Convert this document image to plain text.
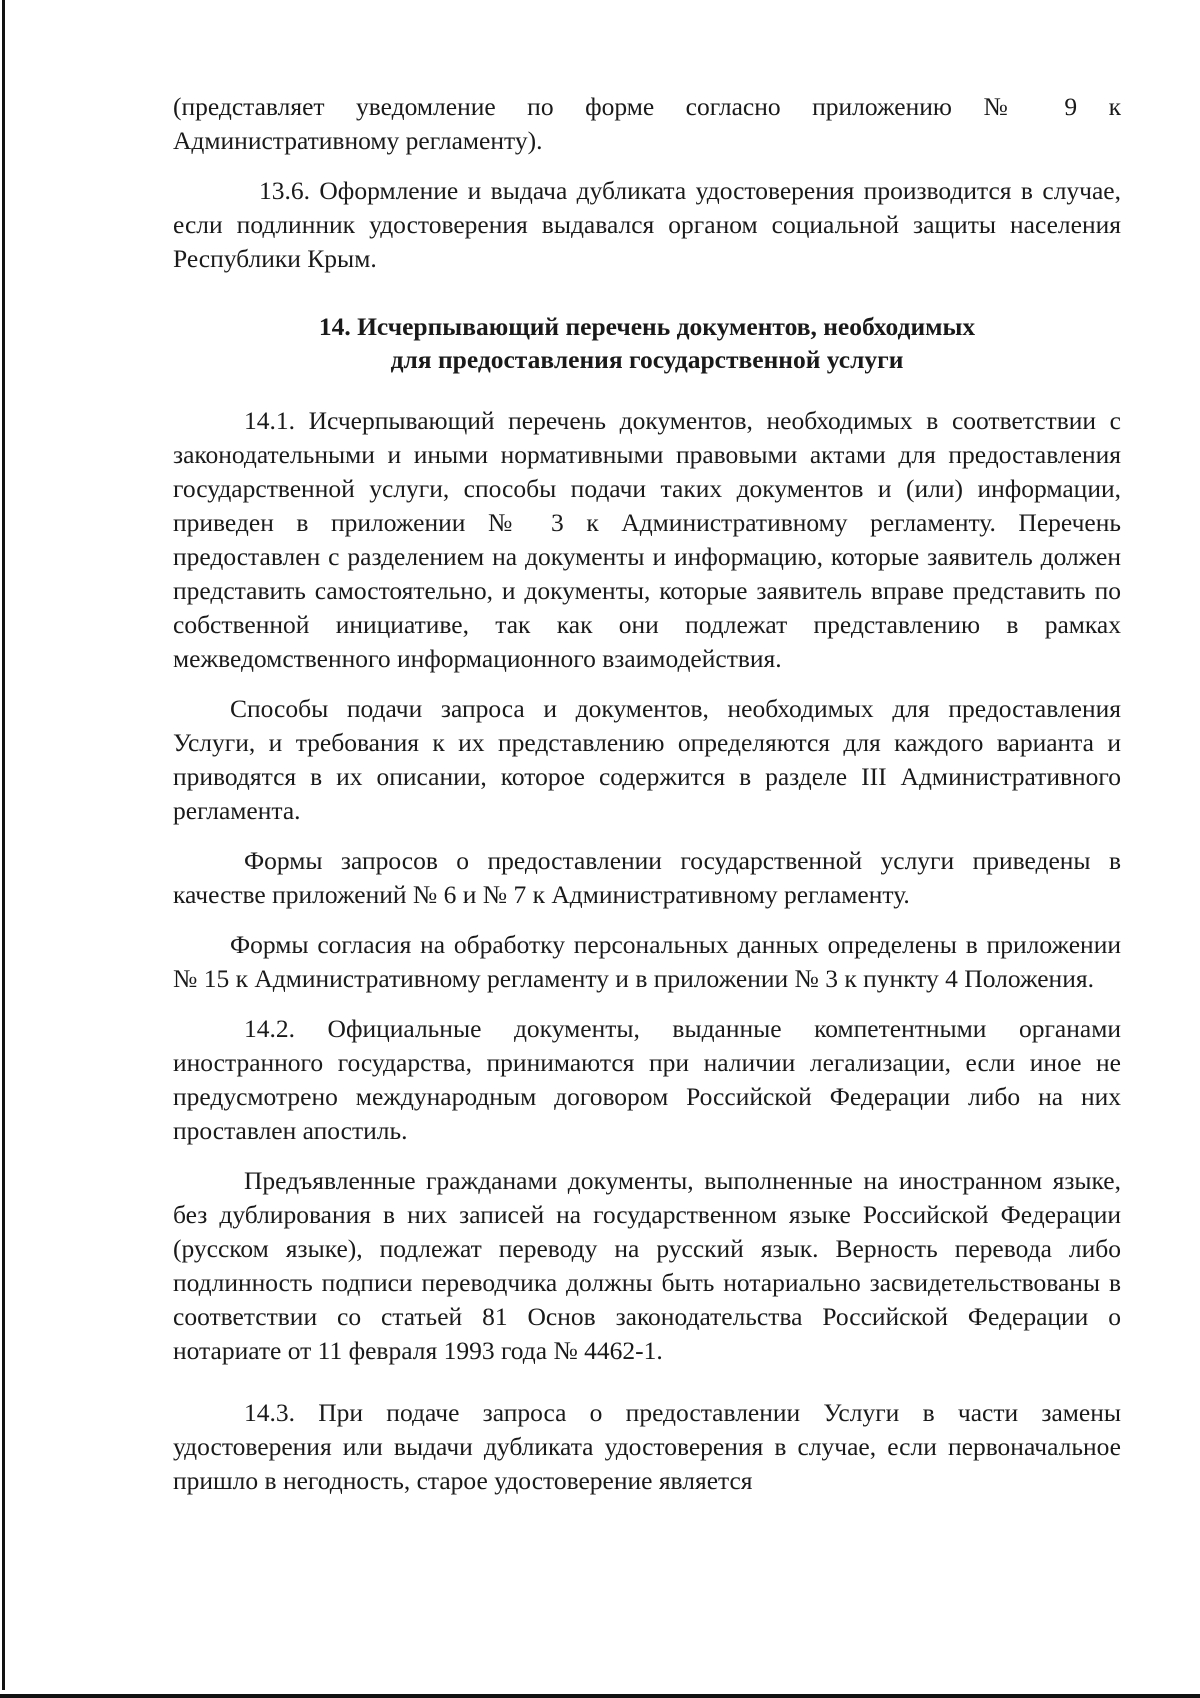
(представляет уведомление по форме согласно приложению № 9 к Административному регламенту).

13.6. Оформление и выдача дубликата удостоверения производится в случае, если подлинник удостоверения выдавался органом социальной защиты населения Республики Крым.

14. Исчерпывающий перечень документов, необходимых
для предоставления государственной услуги

14.1. Исчерпывающий перечень документов, необходимых в соответствии с законодательными и иными нормативными правовыми актами для предоставления государственной услуги, способы подачи таких документов и (или) информации, приведен в приложении № 3 к Административному регламенту. Перечень предоставлен с разделением на документы и информацию, которые заявитель должен представить самостоятельно, и документы, которые заявитель вправе представить по собственной инициативе, так как они подлежат представлению в рамках межведомственного информационного взаимодействия.

Способы подачи запроса и документов, необходимых для предоставления Услуги, и требования к их представлению определяются для каждого варианта и приводятся в их описании, которое содержится в разделе III Административного регламента.

Формы запросов о предоставлении государственной услуги приведены в качестве приложений № 6 и № 7 к Административному регламенту.

Формы согласия на обработку персональных данных определены в приложении № 15 к Административному регламенту и в приложении № 3 к пункту 4 Положения.

14.2. Официальные документы, выданные компетентными органами иностранного государства, принимаются при наличии легализации, если иное не предусмотрено международным договором Российской Федерации либо на них проставлен апостиль.

Предъявленные гражданами документы, выполненные на иностранном языке, без дублирования в них записей на государственном языке Российской Федерации (русском языке), подлежат переводу на русский язык. Верность перевода либо подлинность подписи переводчика должны быть нотариально засвидетельствованы в соответствии со статьей 81 Основ законодательства Российской Федерации о нотариате от 11 февраля 1993 года № 4462-1.

14.3. При подаче запроса о предоставлении Услуги в части замены удостоверения или выдачи дубликата удостоверения в случае, если первоначальное пришло в негодность, старое удостоверение является
